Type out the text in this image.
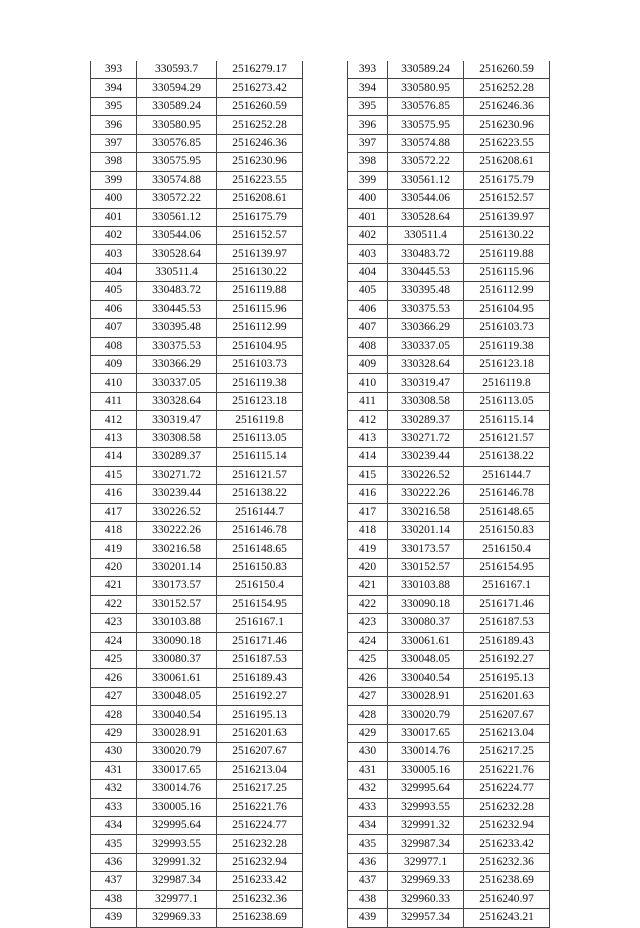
393	330593.7	2516279.17
394	330594.29	2516273.42
395	330589.24	2516260.59
396	330580.95	2516252.28
397	330576.85	2516246.36
398	330575.95	2516230.96
399	330574.88	2516223.55
400	330572.22	2516208.61
401	330561.12	2516175.79
402	330544.06	2516152.57
403	330528.64	2516139.97
404	330511.4	2516130.22
405	330483.72	2516119.88
406	330445.53	2516115.96
407	330395.48	2516112.99
408	330375.53	2516104.95
409	330366.29	2516103.73
410	330337.05	2516119.38
411	330328.64	2516123.18
412	330319.47	2516119.8
413	330308.58	2516113.05
414	330289.37	2516115.14
415	330271.72	2516121.57
416	330239.44	2516138.22
417	330226.52	2516144.7
418	330222.26	2516146.78
419	330216.58	2516148.65
420	330201.14	2516150.83
421	330173.57	2516150.4
422	330152.57	2516154.95
423	330103.88	2516167.1
424	330090.18	2516171.46
425	330080.37	2516187.53
426	330061.61	2516189.43
427	330048.05	2516192.27
428	330040.54	2516195.13
429	330028.91	2516201.63
430	330020.79	2516207.67
431	330017.65	2516213.04
432	330014.76	2516217.25
433	330005.16	2516221.76
434	329995.64	2516224.77
435	329993.55	2516232.28
436	329991.32	2516232.94
437	329987.34	2516233.42
438	329977.1	2516232.36
439	329969.33	2516238.69
393	330589.24	2516260.59
394	330580.95	2516252.28
395	330576.85	2516246.36
396	330575.95	2516230.96
397	330574.88	2516223.55
398	330572.22	2516208.61
399	330561.12	2516175.79
400	330544.06	2516152.57
401	330528.64	2516139.97
402	330511.4	2516130.22
403	330483.72	2516119.88
404	330445.53	2516115.96
405	330395.48	2516112.99
406	330375.53	2516104.95
407	330366.29	2516103.73
408	330337.05	2516119.38
409	330328.64	2516123.18
410	330319.47	2516119.8
411	330308.58	2516113.05
412	330289.37	2516115.14
413	330271.72	2516121.57
414	330239.44	2516138.22
415	330226.52	2516144.7
416	330222.26	2516146.78
417	330216.58	2516148.65
418	330201.14	2516150.83
419	330173.57	2516150.4
420	330152.57	2516154.95
421	330103.88	2516167.1
422	330090.18	2516171.46
423	330080.37	2516187.53
424	330061.61	2516189.43
425	330048.05	2516192.27
426	330040.54	2516195.13
427	330028.91	2516201.63
428	330020.79	2516207.67
429	330017.65	2516213.04
430	330014.76	2516217.25
431	330005.16	2516221.76
432	329995.64	2516224.77
433	329993.55	2516232.28
434	329991.32	2516232.94
435	329987.34	2516233.42
436	329977.1	2516232.36
437	329969.33	2516238.69
438	329960.33	2516240.97
439	329957.34	2516243.21
